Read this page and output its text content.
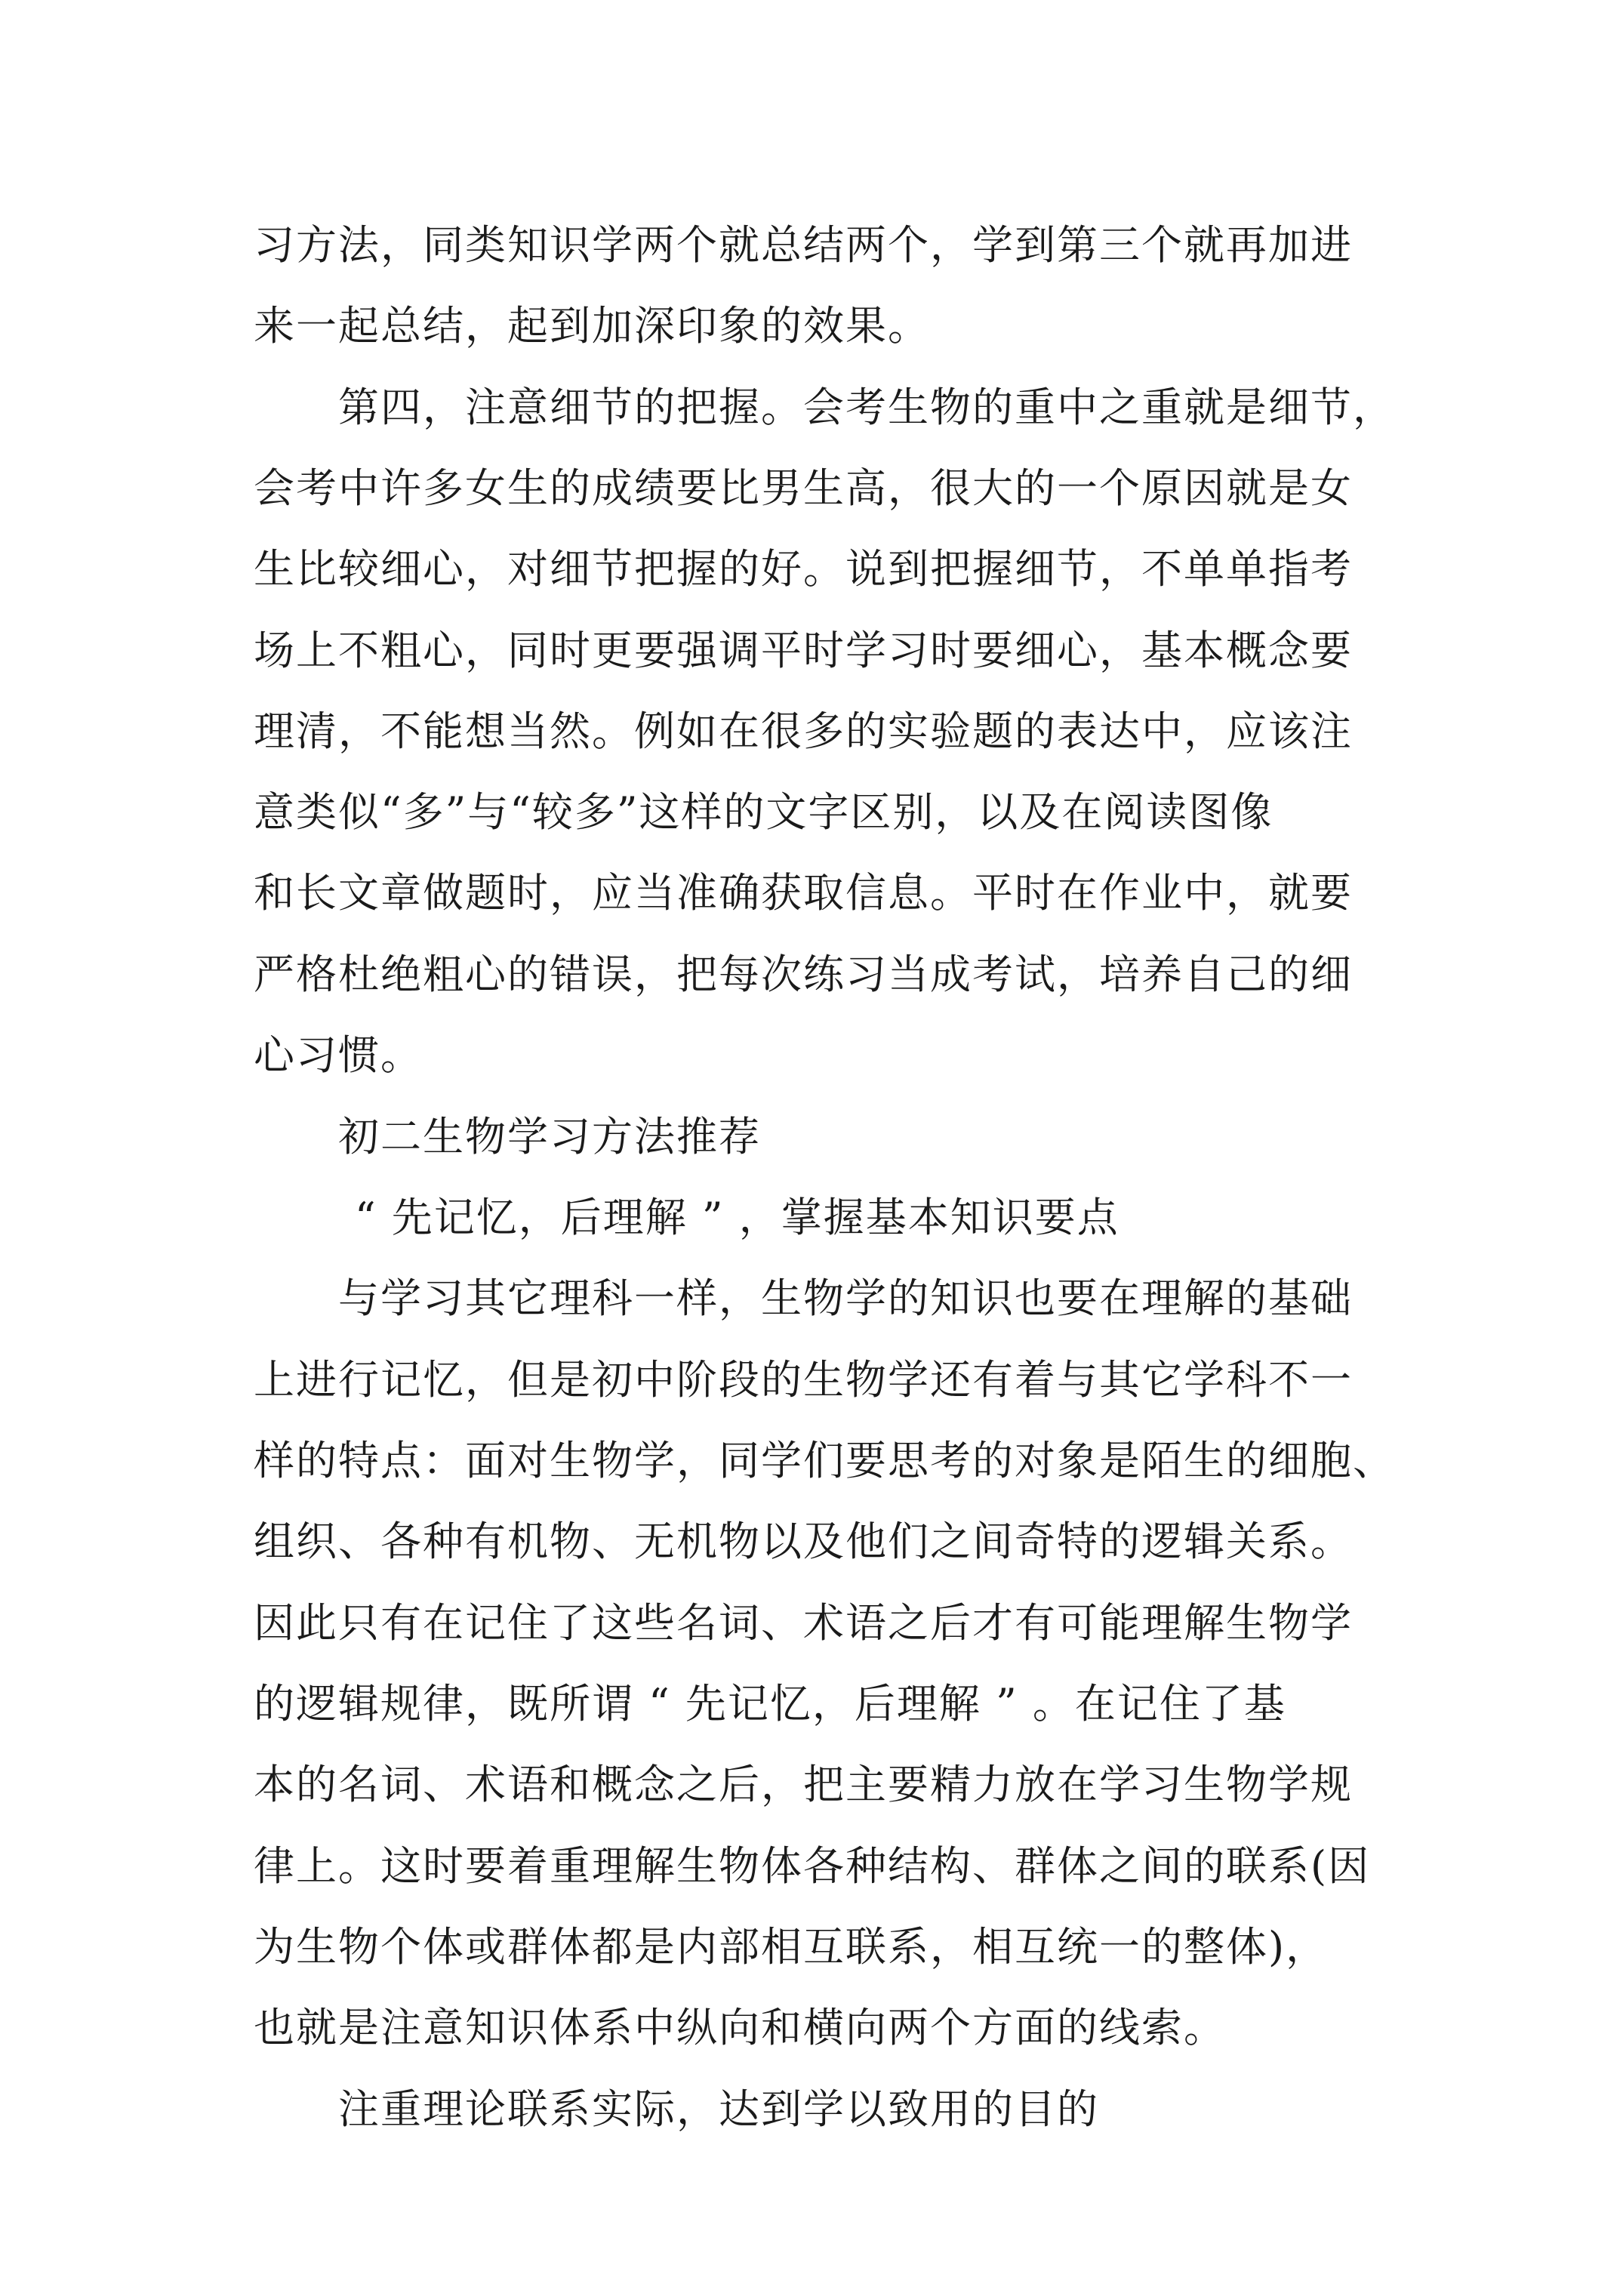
习方法，同类知识学两个就总结两个，学到第三个就再加进
来一起总结，起到加深印象的效果。
第四，注意细节的把握。会考生物的重中之重就是细节，
会考中许多女生的成绩要比男生高，很大的一个原因就是女
生比较细心，对细节把握的好。说到把握细节，不单单指考
场上不粗心，同时更要强调平时学习时要细心，基本概念要
理清，不能想当然。例如在很多的实验题的表达中，应该注
意类似“多”与“较多”这样的文字区别，以及在阅读图像
和长文章做题时，应当准确获取信息。平时在作业中，就要
严格杜绝粗心的错误，把每次练习当成考试，培养自己的细
心习惯。
初二生物学习方法推荐
“ 先记忆，后理解 ” ，掌握基本知识要点
与学习其它理科一样，生物学的知识也要在理解的基础
上进行记忆，但是初中阶段的生物学还有着与其它学科不一
样的特点：面对生物学，同学们要思考的对象是陌生的细胞、
组织、各种有机物、无机物以及他们之间奇特的逻辑关系。
因此只有在记住了这些名词、术语之后才有可能理解生物学
的逻辑规律，既所谓 “ 先记忆，后理解 ” 。在记住了基
本的名词、术语和概念之后，把主要精力放在学习生物学规
律上。这时要着重理解生物体各种结构、群体之间的联系(因
为生物个体或群体都是内部相互联系，相互统一的整体)，
也就是注意知识体系中纵向和横向两个方面的线索。
注重理论联系实际，达到学以致用的目的
